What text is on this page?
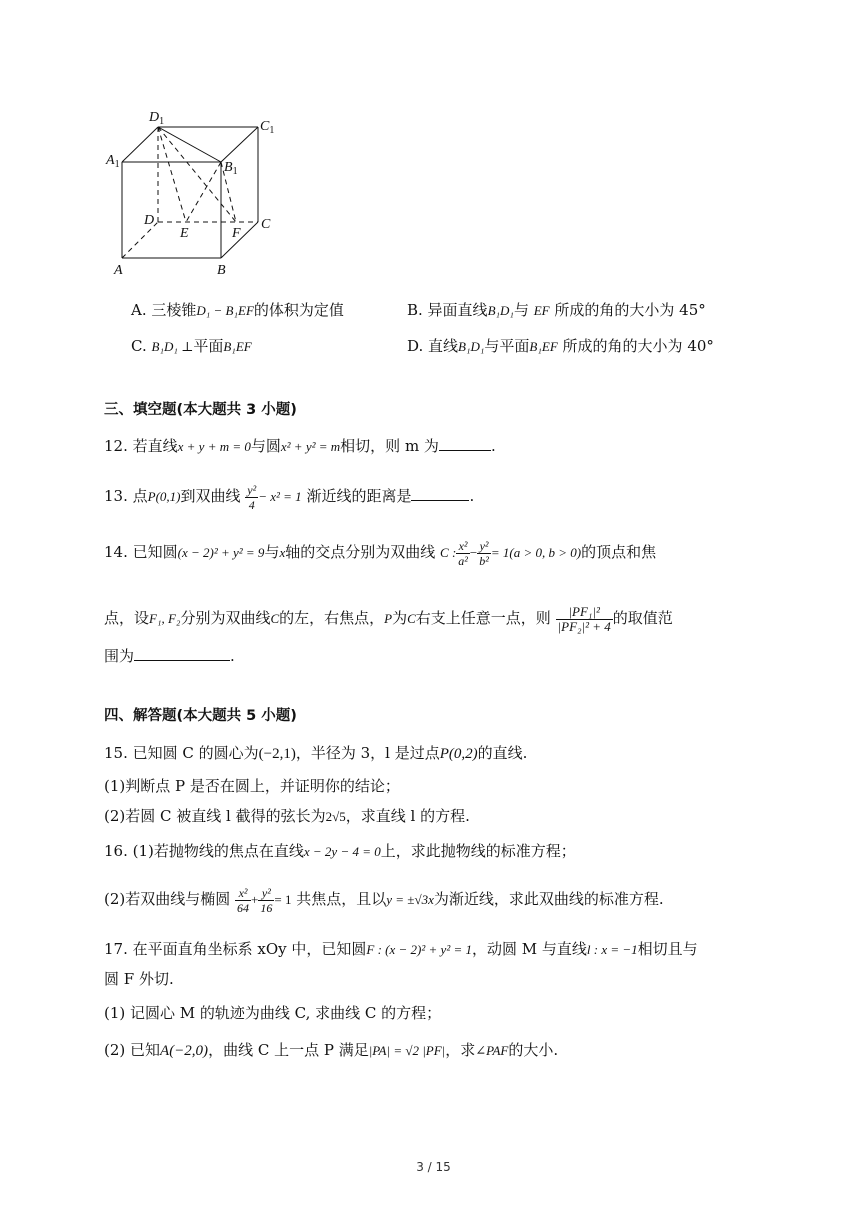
$D_1$	$C_1$
$A_1$	$B_1$
D
E	F
C
A	B
A. 三棱锥D₁ − B₁EF的体积为定值	B. 异面直线B₁D₁与 EF 所成的角的大小为 45°
C. B₁D₁ ⊥平面B₁EF	D. 直线B₁D₁与平面B₁EF 所成的角的大小为 40°
三、填空题(本大题共 3 小题)
12. 若直线x + y + m = 0与圆x² + y² = m相切，则 m 为	.
13. 点P(0,1)到双曲线 $\frac{\text{y²}}{4} - x^2 = 1$ 渐近线的距离是	.
14. 已知圆(x − 2)² + y² = 9与x轴的交点分别为双曲线 C : $\frac{\text{x²}}{\text{a²}} - \frac{\text{y²}}{\text{b²}} = 1(a > 0$, b > 0)的顶点和焦
点，设F₁, F₂分别为双曲线C的左，右焦点，P为C右支上任意一点，则 $\frac{\text{|PF₁|²}}{\text{|PF₂|² + 4}}$ 的取值范
围为	.
四、解答题(本大题共 5 小题)
15. 已知圆 C 的圆心为(−2,1)，半径为 3，l 是过点P(0,2)的直线.
(1)判断点 P 是否在圆上，并证明你的结论；
(2)若圆 C 被直线 l 截得的弦长为2√5，求直线 l 的方程.
16. (1)若抛物线的焦点在直线x − 2y − 4 = 0上，求此抛物线的标准方程；
(2)若双曲线与椭圆 $\frac{\text{x²}}{64} + \frac{\text{y²}}{16} = 1$ 共焦点，且以y = ±√3x为渐近线，求此双曲线的标准方程.
17. 在平面直角坐标系 xOy 中，已知圆F : (x − 2)² + y² = 1，动圆 M 与直线l : x = −1相切且与
圆 F 外切.
(1) 记圆心 M 的轨迹为曲线 C, 求曲线 C 的方程；
(2) 已知A(−2,0)，曲线 C 上一点 P 满足|PA| = √2 |PF|，求∠PAF的大小.
3 / 15
